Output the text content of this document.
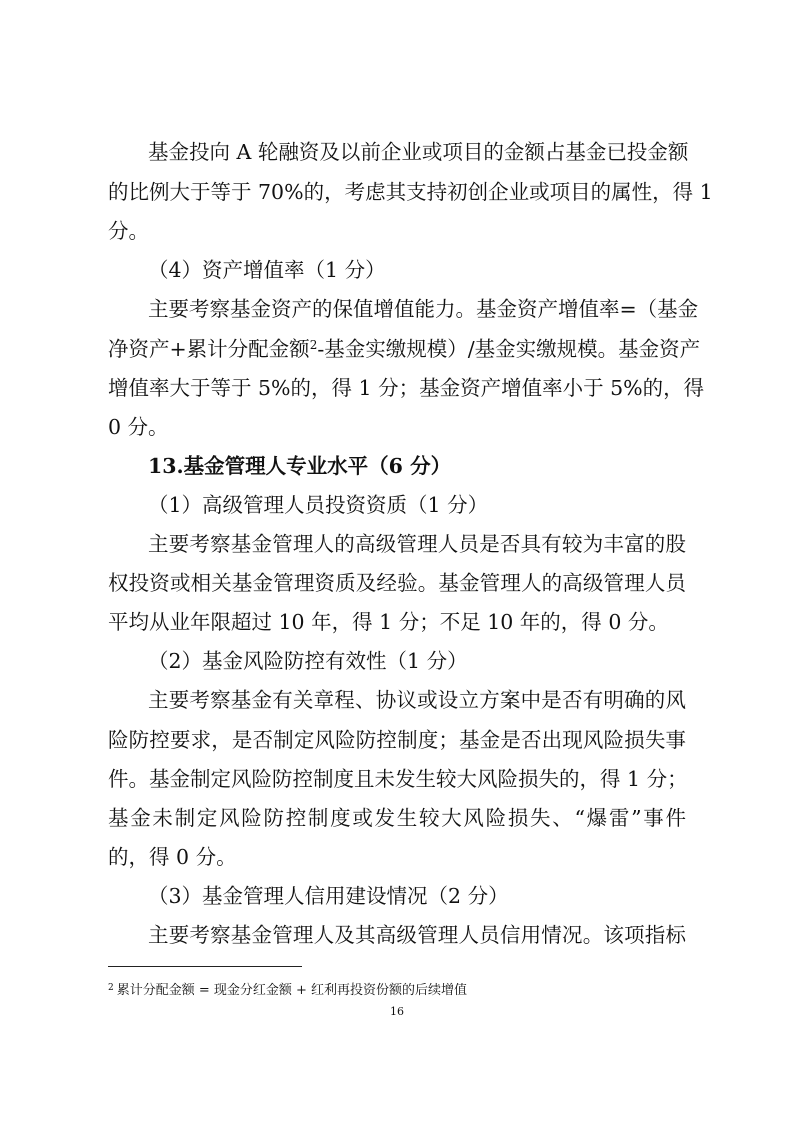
基金投向 A 轮融资及以前企业或项目的金额占基金已投金额
的比例大于等于 70%的，考虑其支持初创企业或项目的属性，得 1
分。
（4）资产增值率（1 分）
主要考察基金资产的保值增值能力。基金资产增值率=（基金
净资产+累计分配金额$^2$-基金实缴规模）/基金实缴规模。基金资产
增值率大于等于 5%的，得 1 分；基金资产增值率小于 5%的，得
0 分。
13.基金管理人专业水平（6 分）
（1）高级管理人员投资资质（1 分）
主要考察基金管理人的高级管理人员是否具有较为丰富的股
权投资或相关基金管理资质及经验。基金管理人的高级管理人员
平均从业年限超过 10 年，得 1 分；不足 10 年的，得 0 分。
（2）基金风险防控有效性（1 分）
主要考察基金有关章程、协议或设立方案中是否有明确的风
险防控要求，是否制定风险防控制度；基金是否出现风险损失事
件。基金制定风险防控制度且未发生较大风险损失的，得 1 分；
基金未制定风险防控制度或发生较大风险损失、“爆雷”事件
的，得 0 分。
（3）基金管理人信用建设情况（2 分）
主要考察基金管理人及其高级管理人员信用情况。该项指标
$^2$ 累计分配金额 = 现金分红金额 + 红利再投资份额的后续增值
16
